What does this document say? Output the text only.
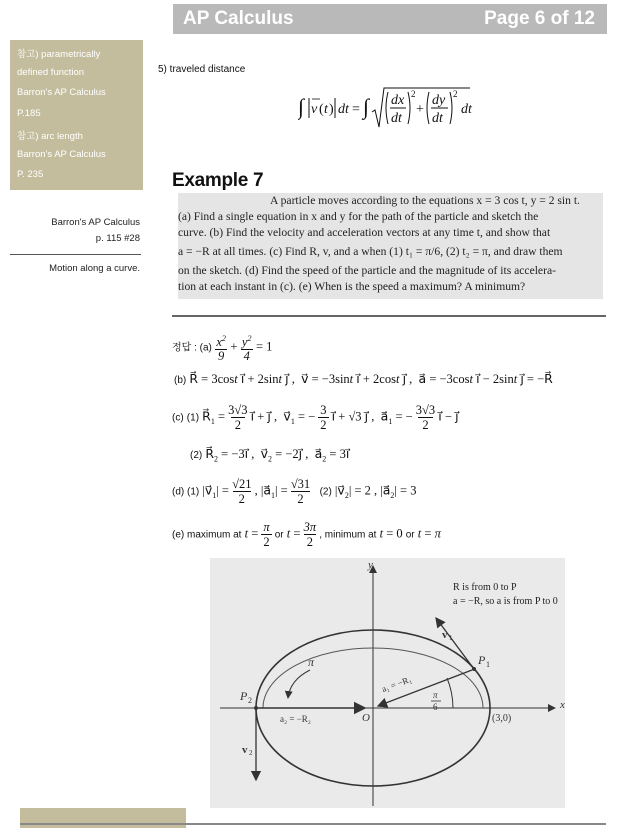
AP Calculus	Page 6 of 12
참고) parametrically
defined function
Barron's AP Calculus
P.185
참고) arc length
Barron's AP Calculus
P. 235
Barron's AP Calculus
p. 115 #28
Motion along a curve.
5) traveled distance
∫ v ( t ) dt = ∫ dx
dt
2
+
dy
dt
2
dt
Example 7
A particle moves according to the equations x = 3 cos t, y = 2 sin t.
(a) Find a single equation in x and y for the path of the particle and sketch the
curve. (b) Find the velocity and acceleration vectors at any time t, and show that
a = −R at all times. (c) Find R, v, and a when (1) t₁ = π/6, (2) t₂ = π, and draw them
on the sketch. (d) Find the speed of the particle and the magnitude of its accelera-
tion at each instant in (c). (e) When is the speed a maximum? A minimum?
정답 : (a) $x^2$
$9 + y^2$
4 = 1
(b) R⃗ = 3cost i⃗ + 2sint j⃗ ,  v⃗ = −3sint i⃗ + 2cost j⃗ ,  a⃗ = −3cost i⃗ − 2sint j⃗ = −R⃗
(c) (1) $R⃗_1 = 3√3$
2 i⃗ + j⃗ ,  $v⃗_1$ = − 3
2 i⃗ + √3 j⃗ ,  $a⃗_1$ = − 3√3
2 i⃗ − j⃗
(2) $R⃗_2$ = −3i⃗ ,  $v⃗_2$ = −2j⃗ ,  $a⃗_2$ = 3i⃗
(d) (1) $|v⃗_1| = √21$
2 , $|a⃗_1| = √31$
2   (2) $|v⃗_2| = 2$ , $|a⃗_2| = 3$
(e) maximum at t = π
2 or t = 3π
2 , minimum at t = 0 or t = π
x
y
π
π
6
P 1
a₁ = −R₁
v 1
P 2
a₂ = −R₂
v 2
O	(3,0)
R is from 0 to P
a = −R, so a is from P to 0
